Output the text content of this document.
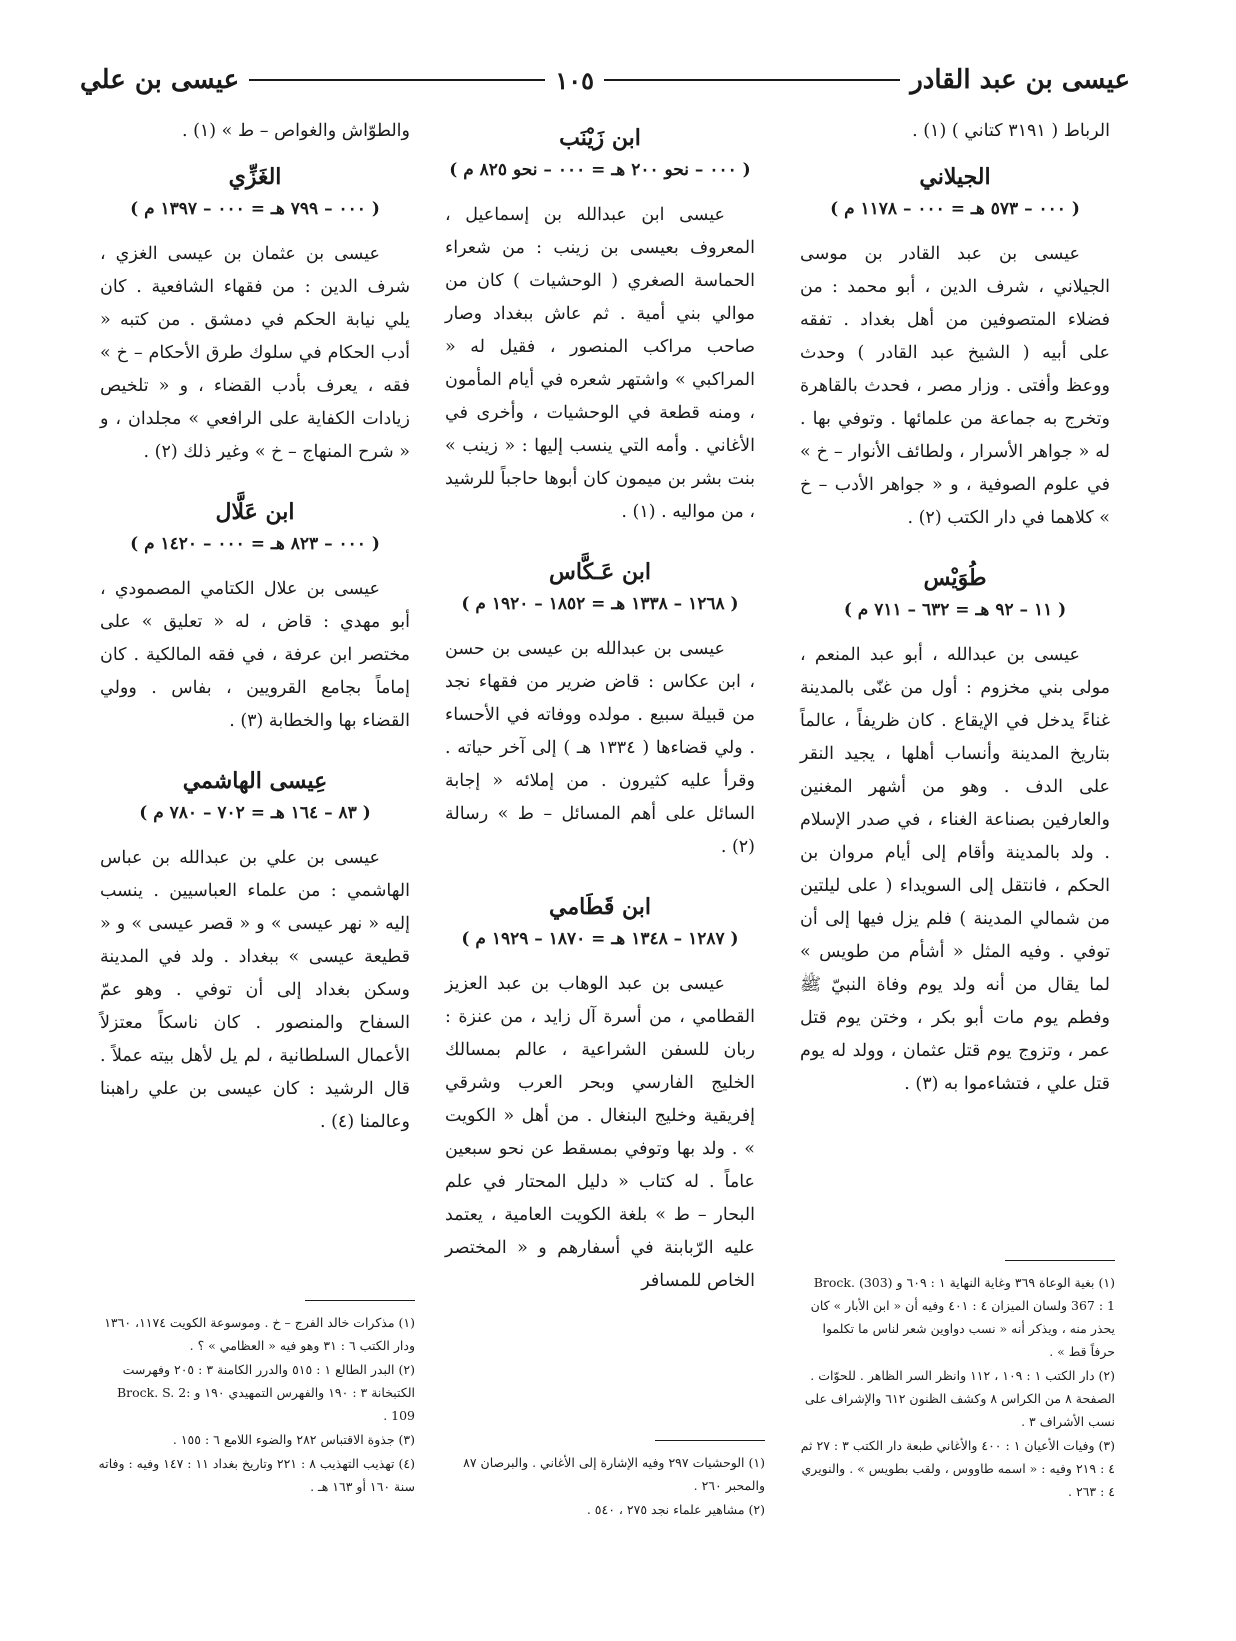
عيسى بن عبد القادر
١٠٥
عيسى بن علي

الرباط ( ٣١٩١ كتاني ) (١) .

الجيلاني

( ٠٠٠ – ٥٧٣ هـ = ٠٠٠ – ١١٧٨ م )

عيسى بن عبد القادر بن موسى الجيلاني ، شرف الدين ، أبو محمد : من فضلاء المتصوفين من أهل بغداد . تفقه على أبيه ( الشيخ عبد القادر ) وحدث ووعظ وأفتى . وزار مصر ، فحدث بالقاهرة وتخرج به جماعة من علمائها . وتوفي بها . له « جواهر الأسرار ، ولطائف الأنوار – خ » في علوم الصوفية ، و « جواهر الأدب – خ » كلاهما في دار الكتب (٢) .

طُوَيْس

( ١١ – ٩٢ هـ = ٦٣٢ – ٧١١ م )

عيسى بن عبدالله ، أبو عبد المنعم ، مولى بني مخزوم : أول من غنّى بالمدينة غناءً يدخل في الإيقاع . كان ظريفاً ، عالماً بتاريخ المدينة وأنساب أهلها ، يجيد النقر على الدف . وهو من أشهر المغنين والعارفين بصناعة الغناء ، في صدر الإسلام . ولد بالمدينة وأقام إلى أيام مروان بن الحكم ، فانتقل إلى السويداء ( على ليلتين من شمالي المدينة ) فلم يزل فيها إلى أن توفي . وفيه المثل « أشأم من طويس » لما يقال من أنه ولد يوم وفاة النبيّ ﷺ وفطم يوم مات أبو بكر ، وختن يوم قتل عمر ، وتزوج يوم قتل عثمان ، وولد له يوم قتل علي ، فتشاءموا به (٣) .

ابن زَيْنَب

( ٠٠٠ – نحو ٢٠٠ هـ = ٠٠٠ – نحو ٨٢٥ م )

عيسى ابن عبدالله بن إسماعيل ، المعروف بعيسى بن زينب : من شعراء الحماسة الصغري ( الوحشيات ) كان من موالي بني أمية . ثم عاش ببغداد وصار صاحب مراكب المنصور ، فقيل له « المراكبي » واشتهر شعره في أيام المأمون ، ومنه قطعة في الوحشيات ، وأخرى في الأغاني . وأمه التي ينسب إليها : « زينب » بنت بشر بن ميمون كان أبوها حاجباً للرشيد ، من مواليه . (١) .

ابن عَـكَّاس

( ١٢٦٨ – ١٣٣٨ هـ = ١٨٥٢ – ١٩٢٠ م )

عيسى بن عبدالله بن عيسى بن حسن ، ابن عكاس : قاض ضرير من فقهاء نجد من قبيلة سبيع . مولده ووفاته في الأحساء . ولي قضاءها ( ١٣٣٤ هـ ) إلى آخر حياته . وقرأ عليه كثيرون . من إملائه « إجابة السائل على أهم المسائل – ط » رسالة (٢) .

ابن قَطَامي

( ١٢٨٧ – ١٣٤٨ هـ = ١٨٧٠ – ١٩٢٩ م )

عيسى بن عبد الوهاب بن عبد العزيز القطامي ، من أسرة آل زايد ، من عنزة : ربان للسفن الشراعية ، عالم بمسالك الخليج الفارسي وبحر العرب وشرقي إفريقية وخليج البنغال . من أهل « الكويت » . ولد بها وتوفي بمسقط عن نحو سبعين عاماً . له كتاب « دليل المحتار في علم البحار – ط » بلغة الكويت العامية ، يعتمد عليه الرّبابنة في أسفارهم و « المختصر الخاص للمسافر

والطوّاش والغواص – ط » (١) .

الغَزِّي

( ٠٠٠ – ٧٩٩ هـ = ٠٠٠ – ١٣٩٧ م )

عيسى بن عثمان بن عيسى الغزي ، شرف الدين : من فقهاء الشافعية . كان يلي نيابة الحكم في دمشق . من كتبه « أدب الحكام في سلوك طرق الأحكام – خ » فقه ، يعرف بأدب القضاء ، و « تلخيص زيادات الكفاية على الرافعي » مجلدان ، و « شرح المنهاج – خ » وغير ذلك (٢) .

ابن عَلَّال

( ٠٠٠ – ٨٢٣ هـ = ٠٠٠ – ١٤٢٠ م )

عيسى بن علال الكتامي المصمودي ، أبو مهدي : قاض ، له « تعليق » على مختصر ابن عرفة ، في فقه المالكية . كان إماماً بجامع القرويين ، بفاس . وولي القضاء بها والخطابة (٣) .

عِيسى الهاشمي

( ٨٣ – ١٦٤ هـ = ٧٠٢ – ٧٨٠ م )

عيسى بن علي بن عبدالله بن عباس الهاشمي : من علماء العباسيين . ينسب إليه « نهر عيسى » و « قصر عيسى » و « قطيعة عيسى » ببغداد . ولد في المدينة وسكن بغداد إلى أن توفي . وهو عمّ السفاح والمنصور . كان ناسكاً معتزلاً الأعمال السلطانية ، لم يل لأهل بيته عملاً . قال الرشيد : كان عيسى بن علي راهبنا وعالمنا (٤) .

(١) بغية الوعاة ٣٦٩ وغاية النهاية ١ : ٦٠٩ و Brock. (303) 367 : 1 ولسان الميزان ٤ : ٤٠١ وفيه أن « ابن الأبار » كان يحذر منه ، ويذكر أنه « نسب دواوين شعر لناس ما تكلموا حرفاً قط » .

(٢) دار الكتب ١ : ١٠٩ ، ١١٢ وانظر السر الظاهر . للحوّات . الصفحة ٨ من الكراس ٨ وكشف الظنون ٦١٢ والإشراف على نسب الأشراف ٣ .

(٣) وفيات الأعيان ١ : ٤٠٠ والأغاني طبعة دار الكتب ٣ : ٢٧ ثم ٤ : ٢١٩ وفيه : « اسمه طاووس ، ولقب بطويس » . والنويري ٤ : ٢٦٣ .

(١) الوحشيات ٢٩٧ وفيه الإشارة إلى الأغاني . والبرصان ٨٧ والمحبر ٢٦٠ .

(٢) مشاهير علماء نجد ٢٧٥ ، ٥٤٠ .

(١) مذكرات خالد الفرج – خ . وموسوعة الكويت ١١٧٤، ١٣٦٠ ودار الكتب ٦ : ٣١ وهو فيه « العظامي » ؟ .

(٢) البدر الطالع ١ : ٥١٥ والدرر الكامنة ٣ : ٢٠٥ وفهرست الكتبخانة ٣ : ١٩٠ والفهرس التمهيدي ١٩٠ و Brock. S. 2: 109 .

(٣) جذوة الاقتباس ٢٨٢ والضوء اللامع ٦ : ١٥٥ .

(٤) تهذيب التهذيب ٨ : ٢٢١ وتاريخ بغداد ١١ : ١٤٧ وفيه : وفاته سنة ١٦٠ أو ١٦٣ هـ .
